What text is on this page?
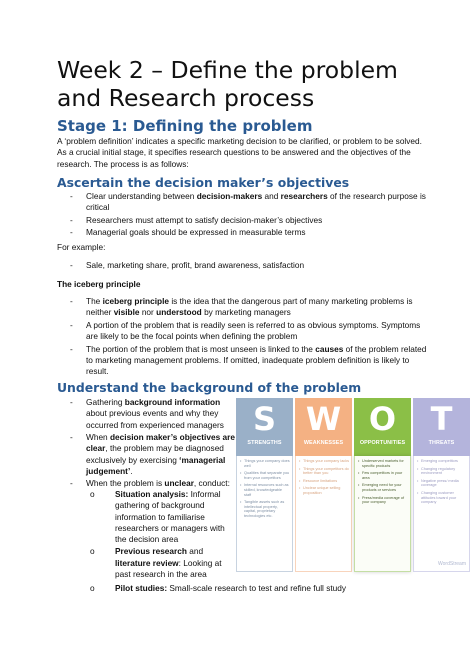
Week 2 – Define the problem and Research process
Stage 1: Defining the problem

A ‘problem definition’ indicates a specific marketing decision to be clarified, or problem to be solved. As a crucial initial stage, it specifies research questions to be answered and the objectives of the research. The process is as follows:

Ascertain the decision maker’s objectives
- Clear understanding between decision-makers and researchers of the research purpose is critical
- Researchers must attempt to satisfy decision-maker’s objectives
- Managerial goals should be expressed in measurable terms

For example:

- Sale, marketing share, profit, brand awareness, satisfaction

The iceberg principle

- The iceberg principle is the idea that the dangerous part of many marketing problems is neither visible nor understood by marketing managers
- A portion of the problem that is readily seen is referred to as obvious symptoms. Symptoms are likely to be the focal points when defining the problem
- The portion of the problem that is most unseen is linked to the causes of the problem related to marketing management problems. If omitted, inadequate problem definition is likely to result.
Understand the background of the problem
- Gathering background information about previous events and why they occurred from experienced managers
- When decision maker’s objectives are clear, the problem may be diagnosed exclusively by exercising ‘managerial judgement’.
- When the problem is unclear, conduct:
o Situation analysis: Informal gathering of background information to familiarise researchers or managers with the decision area
o Previous research and literature review: Looking at past research in the area
o Pilot studies: Small-scale research to test and refine full study
S
STRENGTHS
• Things your company does well
• Qualities that separate you from your competitors
• Internal resources such as skilled, knowledgeable staff
• Tangible assets such as intellectual property, capital, proprietary technologies etc.
W
WEAKNESSES
• Things your company lacks
• Things your competitors do better than you
• Resource limitations
• Unclear unique selling proposition
O
OPPORTUNITIES
• Underserved markets for specific products
• Few competitors in your area
• Emerging need for your products or services
• Press/media coverage of your company
T
THREATS
• Emerging competitors
• Changing regulatory environment
• Negative press/ media coverage
• Changing customer attitudes toward your company
WordStream
